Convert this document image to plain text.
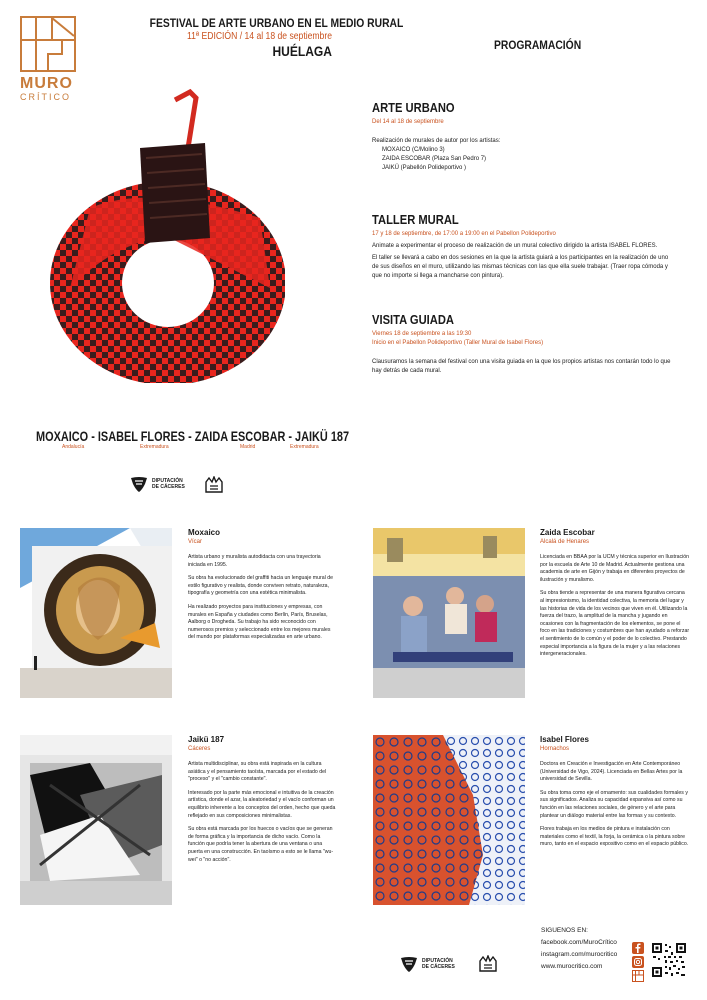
MURO
CRÍTICO
FESTIVAL DE ARTE URBANO EN EL MEDIO RURAL
11ª EDICIÓN / 14 al 18 de septiembre
HUÉLAGA	PROGRAMACIÓN
ARTE URBANO
Del 14 al 18 de septiembre

Realización de murales de autor por los artistas:

MOXAICO (C/Molino 3)

ZAIDA ESCOBAR (Plaza San Pedro 7)

JAIKÜ (Pabellón Polideportivo )

TALLER MURAL
17 y 18 de septiembre, de 17:00 a 19:00 en el Pabellon Polideportivo

Animate a experimentar el proceso de realización de un mural colectivo dirigido la artista ISABEL FLORES.

El taller se llevará a cabo en dos sesiones en la que la artista guiará a los participantes en la realización de uno de sus diseños en el muro, utilizando las mismas técnicas con las que ella suele trabajar. (Traer ropa cómoda y que no importe si llega a mancharse con pintura).

VISITA GUIADA
Viernes 18 de septiembre a las 19:30
Inicio en el Pabellon Polideportivo (Taller Mural de Isabel Flores)

Clausuramos la semana del festival con una visita guiada en la que los propios artistas nos contarán todo lo que hay detrás de cada mural.

MOXAICO - ISABEL FLORES - ZAIDA ESCOBAR - JAIKÜ 187
Andalucía	Extremadura	Madrid	Extremadura
DIPUTACIÓN
DE CÁCERES
Moxaico
Vícar

Artista urbano y muralista autodidacta con una trayectoria iniciada en 1995.

Su obra ha evolucionado del graffiti hacia un lenguaje mural de estilo figurativo y realista, donde conviven retrato, naturaleza, tipografía y geometría con una estética minimalista.

Ha realizado proyectos para instituciones y empresas, con murales en España y ciudades como Berlín, París, Bruselas, Aalborg o Drogheda. Su trabajo ha sido reconocido con numerosos premios y seleccionado entre los mejores murales del mundo por plataformas especializadas en arte urbano.

Zaida Escobar
Alcalá de Henares

Licenciada en BBAA por la UCM y técnica superior en Ilustración por la escuela de Arte 10 de Madrid. Actualmente gestiona una academia de arte en Gijón y trabaja en diferentes proyectos de ilustración y muralismo.

Su obra tiende a representar de una manera figurativa cercana al impresionismo, la identidad colectiva, la memoria del lugar y las historias de vida de los vecinos que viven en él. Utilizando la fuerza del trazo, la amplitud de la mancha y jugando en ocasiones con la fragmentación de los elementos, se pone el foco en las tradiciones y costumbres que han ayudado a reforzar el sentimiento de lo común y el poder de lo colectivo. Prestando especial importancia a la figura de la mujer y a las relaciones intergeneracionales.

Jaikü 187
Cáceres

Artista multidisciplinar, su obra está inspirada en la cultura asiática y el pensamiento taoísta, marcada por el estado del "proceso" y el "cambio constante".

Interesado por la parte más emocional e intuitiva de la creación artística, donde el azar, la aleatoriedad y el vacío conforman un equilibrio inherente a los conceptos del orden, hecho que queda reflejado en sus composiciones minimalistas.

Su obra está marcada por los huecos o vacíos que se generan de forma gráfica y la importancia de dicho vacío. Como la función que podría tener la abertura de una ventana o una puerta en una construcción. En taoísmo a esto se le llama "wu-wei" o "no acción".

Isabel Flores
Hornachos

Doctora en Creación e Investigación en Arte Contemporáneo (Universidad de Vigo, 2024). Licenciada en Bellas Artes por la universidad de Sevilla.

Su obra toma como eje el ornamento: sus cualidades formales y sus significados. Analiza su capacidad expansiva así como su función en las relaciones sociales, de género y el arte para plantear un diálogo material entre las formas y su contexto.

Flores trabaja en los medios de pintura e instalación con materiales como el textil, la forja, la cerámica o la pintura sobre muro, tanto en el espacio expositivo como en el espacio público.

DIPUTACIÓN
DE CÁCERES
SIGUENOS EN:
facebook.com/MuroCrítico
instagram.com/murocritico
www.murocritico.com
